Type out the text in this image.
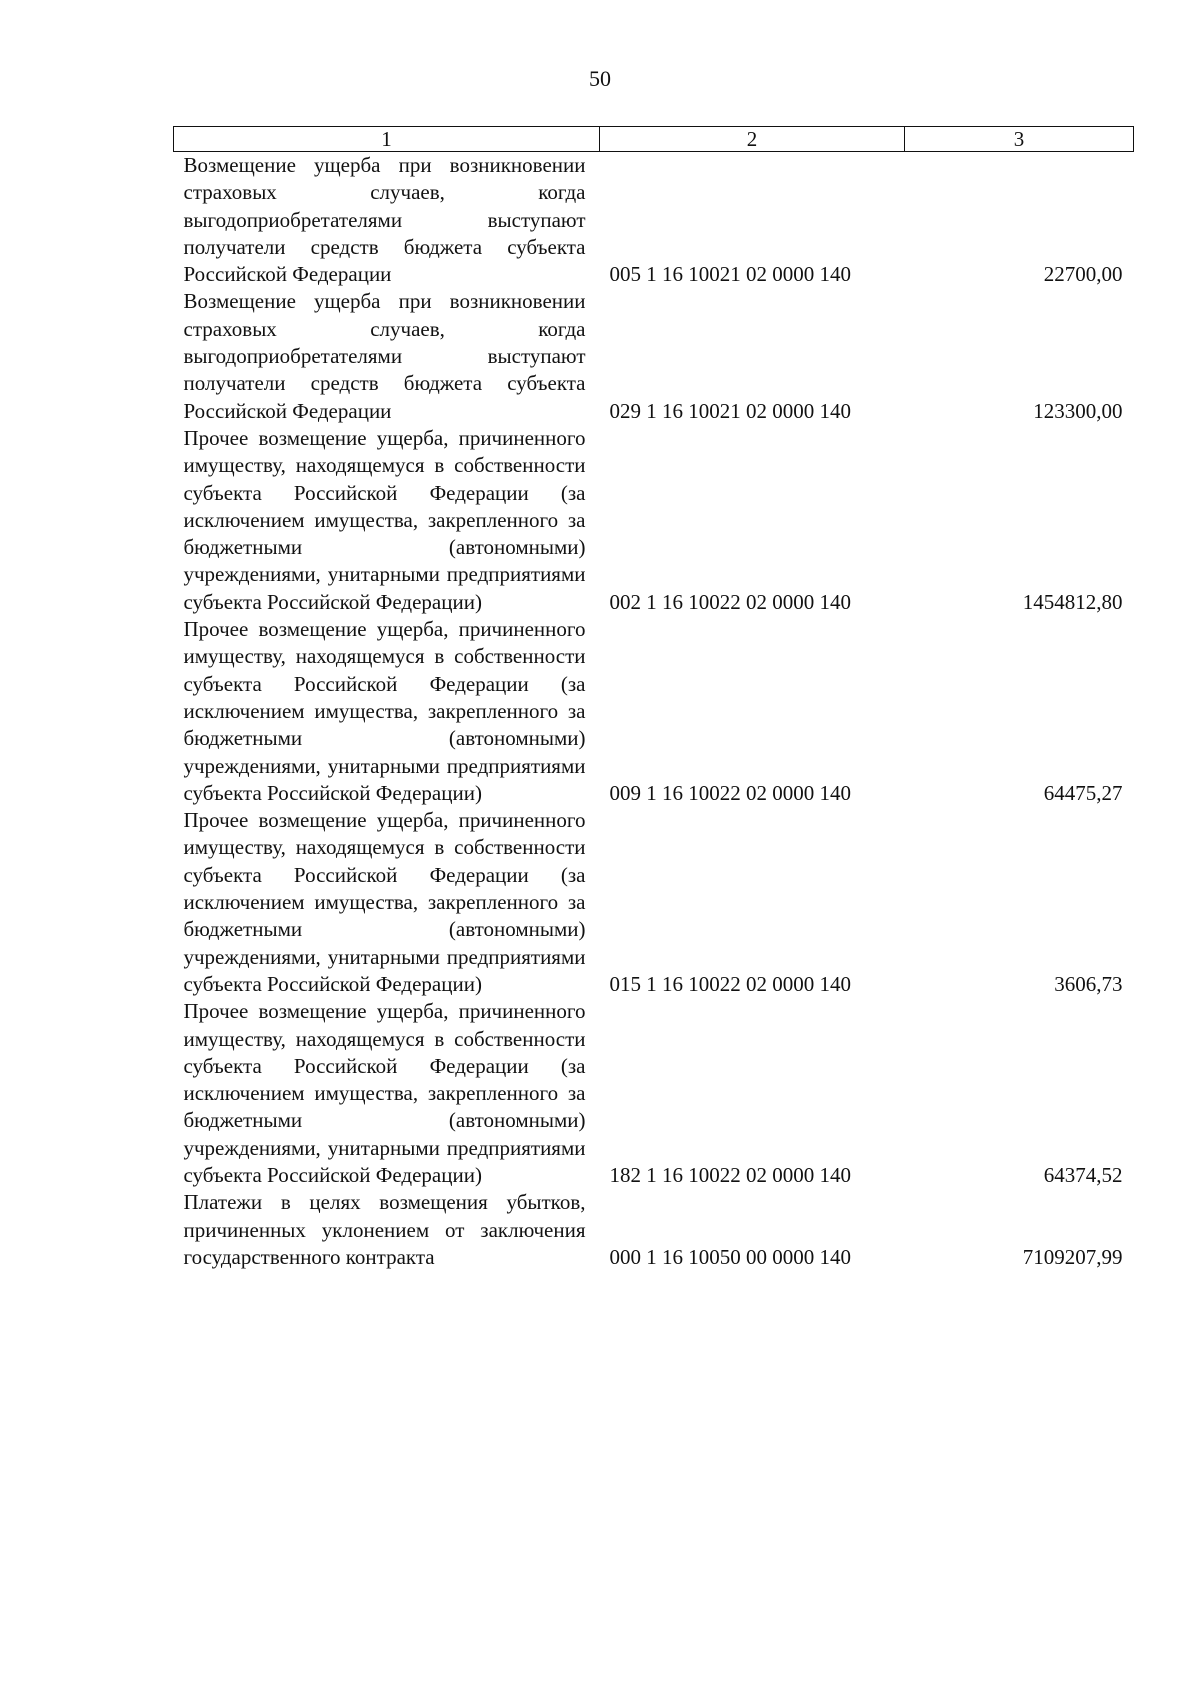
50
1	2	3
Возмещение ущерба при возникновении страховых случаев, когда выгодоприобретателями выступают получатели средств бюджета субъекта Российской Федерации	005 1 16 10021 02 0000 140	22700,00
Возмещение ущерба при возникновении страховых случаев, когда выгодоприобретателями выступают получатели средств бюджета субъекта Российской Федерации	029 1 16 10021 02 0000 140	123300,00
Прочее возмещение ущерба, причиненного имуществу, находящемуся в собственности субъекта Российской Федерации (за исключением имущества, закрепленного за бюджетными (автономными) учреждениями, унитарными предприятиями субъекта Российской Федерации)	002 1 16 10022 02 0000 140	1454812,80
Прочее возмещение ущерба, причиненного имуществу, находящемуся в собственности субъекта Российской Федерации (за исключением имущества, закрепленного за бюджетными (автономными) учреждениями, унитарными предприятиями субъекта Российской Федерации)	009 1 16 10022 02 0000 140	64475,27
Прочее возмещение ущерба, причиненного имуществу, находящемуся в собственности субъекта Российской Федерации (за исключением имущества, закрепленного за бюджетными (автономными) учреждениями, унитарными предприятиями субъекта Российской Федерации)	015 1 16 10022 02 0000 140	3606,73
Прочее возмещение ущерба, причиненного имуществу, находящемуся в собственности субъекта Российской Федерации (за исключением имущества, закрепленного за бюджетными (автономными) учреждениями, унитарными предприятиями субъекта Российской Федерации)	182 1 16 10022 02 0000 140	64374,52
Платежи в целях возмещения убытков, причиненных уклонением от заключения государственного контракта	000 1 16 10050 00 0000 140	7109207,99
